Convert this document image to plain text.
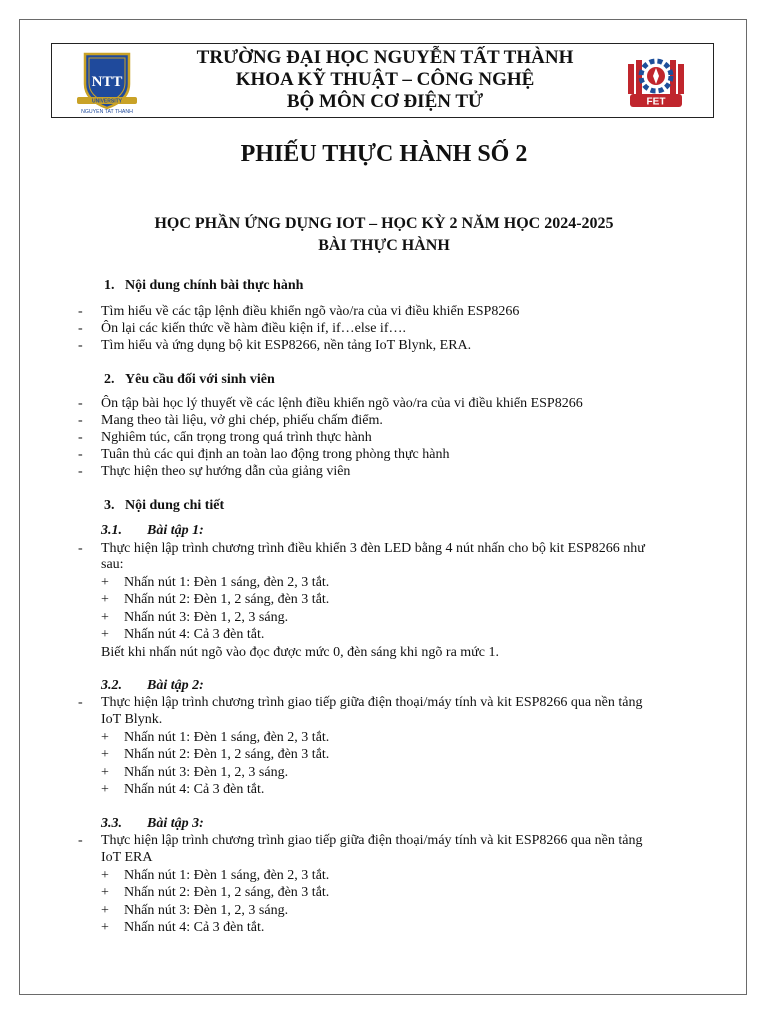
NTT
UNIVERSITY
NGUYEN TAT THANH
FET
TRƯỜNG ĐẠI HỌC NGUYỄN TẤT THÀNH
KHOA KỸ THUẬT – CÔNG NGHỆ
BỘ MÔN CƠ ĐIỆN TỬ
PHIẾU THỰC HÀNH SỐ 2
HỌC PHẦN ỨNG DỤNG IOT – HỌC KỲ 2 NĂM HỌC 2024-2025
BÀI THỰC HÀNH
1. Nội dung chính bài thực hành
- Tìm hiểu về các tập lệnh điều khiển ngõ vào/ra của vi điều khiển ESP8266
- Ôn lại các kiến thức về hàm điều kiện if, if…else if….
- Tìm hiểu và ứng dụng bộ kit ESP8266, nền tảng IoT Blynk, ERA.
2. Yêu cầu đối với sinh viên
- Ôn tập bài học lý thuyết về các lệnh điều khiển ngõ vào/ra của vi điều khiển ESP8266
- Mang theo tài liệu, vở ghi chép, phiếu chấm điểm.
- Nghiêm túc, cẩn trọng trong quá trình thực hành
- Tuân thủ các qui định an toàn lao động trong phòng thực hành
- Thực hiện theo sự hướng dẫn của giảng viên
3. Nội dung chi tiết
3.1. Bài tập 1:
- Thực hiện lập trình chương trình điều khiển 3 đèn LED bằng 4 nút nhấn cho bộ kit ESP8266 như
sau:
+ Nhấn nút 1: Đèn 1 sáng, đèn 2, 3 tắt.
+ Nhấn nút 2: Đèn 1, 2 sáng, đèn 3 tắt.
+ Nhấn nút 3: Đèn 1, 2, 3 sáng.
+ Nhấn nút 4: Cả 3 đèn tắt.
Biết khi nhấn nút ngõ vào đọc được mức 0, đèn sáng khi ngõ ra mức 1.
3.2. Bài tập 2:
- Thực hiện lập trình chương trình giao tiếp giữa điện thoại/máy tính và kit ESP8266 qua nền tảng
IoT Blynk.
+ Nhấn nút 1: Đèn 1 sáng, đèn 2, 3 tắt.
+ Nhấn nút 2: Đèn 1, 2 sáng, đèn 3 tắt.
+ Nhấn nút 3: Đèn 1, 2, 3 sáng.
+ Nhấn nút 4: Cả 3 đèn tắt.
3.3. Bài tập 3:
- Thực hiện lập trình chương trình giao tiếp giữa điện thoại/máy tính và kit ESP8266 qua nền tảng
IoT ERA
+ Nhấn nút 1: Đèn 1 sáng, đèn 2, 3 tắt.
+ Nhấn nút 2: Đèn 1, 2 sáng, đèn 3 tắt.
+ Nhấn nút 3: Đèn 1, 2, 3 sáng.
+ Nhấn nút 4: Cả 3 đèn tắt.
